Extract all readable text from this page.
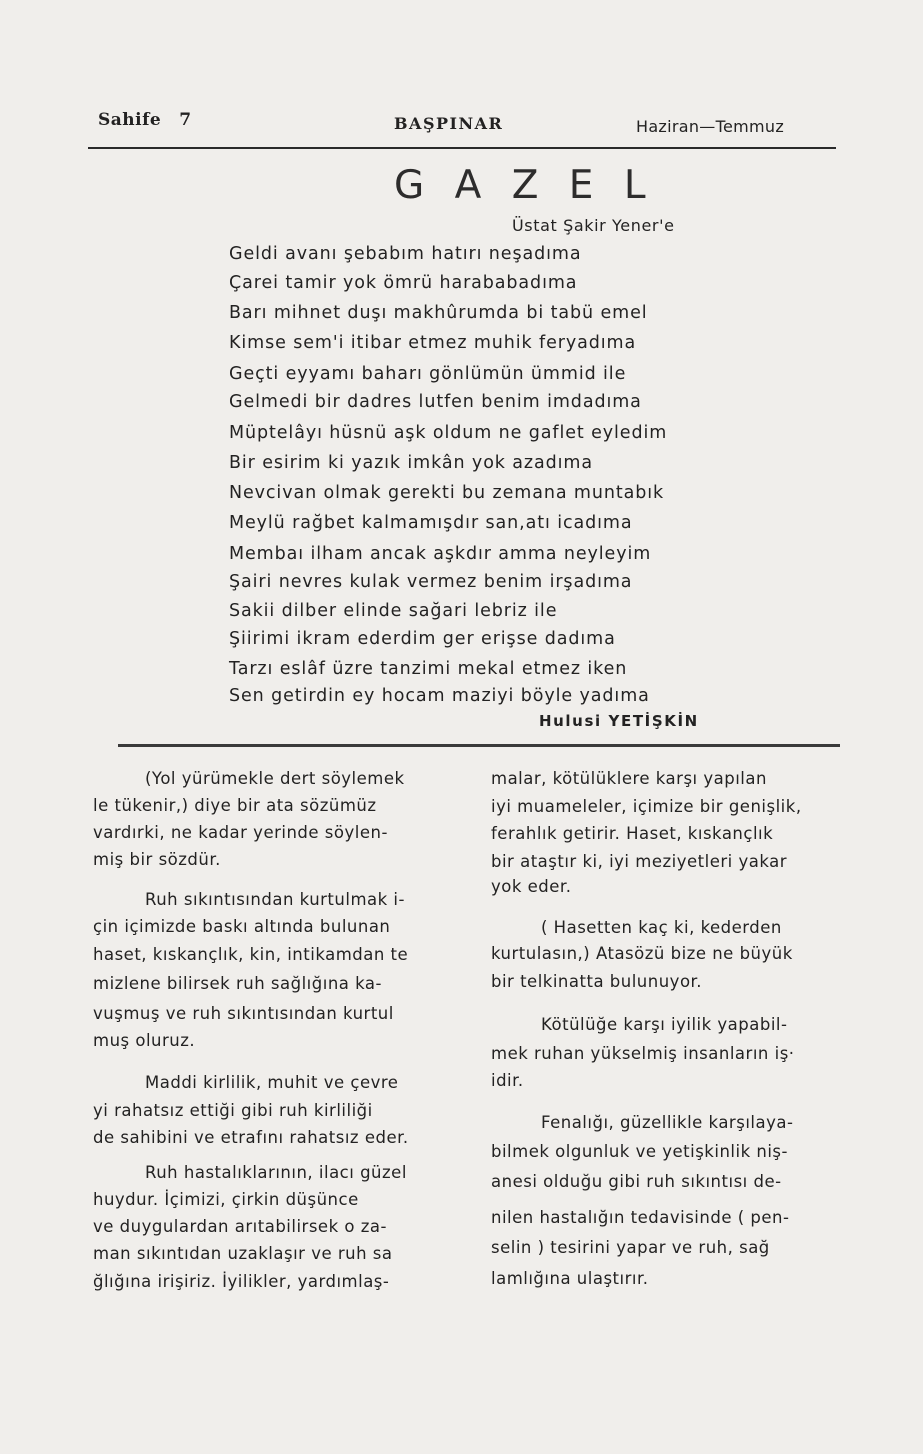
Sahife 7	BAŞPINAR	Haziran—Temmuz
G A Z E L
Üstat Şakir Yener'e
Geldi avanı şebabım hatırı neşadıma
Çarei tamir yok ömrü harababadıma
Barı mihnet duşı makhûrumda bi tabü emel
Kimse sem'i itibar etmez muhik feryadıma
Geçti eyyamı baharı gönlümün ümmid ile
Gelmedi bir dadres lutfen benim imdadıma
Müptelâyı hüsnü aşk oldum ne gaflet eyledim
Bir esirim ki yazık imkân yok azadıma
Nevcivan olmak gerekti bu zemana muntabık
Meylü rağbet kalmamışdır san,atı icadıma
Membaı ilham ancak aşkdır amma neyleyim
Şairi nevres kulak vermez benim irşadıma
Sakii dilber elinde sağari lebriz ile
Şiirimi ikram ederdim ger erişse dadıma
Tarzı eslâf üzre tanzimi mekal etmez iken
Sen getirdin ey hocam maziyi böyle yadıma
Hulusi YETİŞKİN
(Yol yürümekle dert söylemek
le tükenir,) diye bir ata sözümüz
vardırki, ne kadar yerinde söylen-
miş bir sözdür.
Ruh sıkıntısından kurtulmak i-
çin içimizde baskı altında bulunan
haset, kıskançlık, kin, intikamdan te
mizlene bilirsek ruh sağlığına ka-
vuşmuş ve ruh sıkıntısından kurtul
muş oluruz.
Maddi kirlilik, muhit ve çevre
yi rahatsız ettiği gibi ruh kirliliği
de sahibini ve etrafını rahatsız eder.
Ruh hastalıklarının, ilacı güzel
huydur. İçimizi, çirkin düşünce
ve duygulardan arıtabilirsek o za-
man sıkıntıdan uzaklaşır ve ruh sa
ğlığına irişiriz. İyilikler, yardımlaş-
malar, kötülüklere karşı yapılan
iyi muameleler, içimize bir genişlik,
ferahlık getirir. Haset, kıskançlık
bir ataştır ki, iyi meziyetleri yakar
yok eder.
( Hasetten kaç ki, kederden
kurtulasın,) Atasözü bize ne büyük
bir telkinatta bulunuyor.
Kötülüğe karşı iyilik yapabil-
mek ruhan yükselmiş insanların iş·
idir.
Fenalığı, güzellikle karşılaya-
bilmek olgunluk ve yetişkinlik niş-
anesi olduğu gibi ruh sıkıntısı de-
nilen hastalığın tedavisinde ( pen-
selin ) tesirini yapar ve ruh, sağ
lamlığına ulaştırır.
